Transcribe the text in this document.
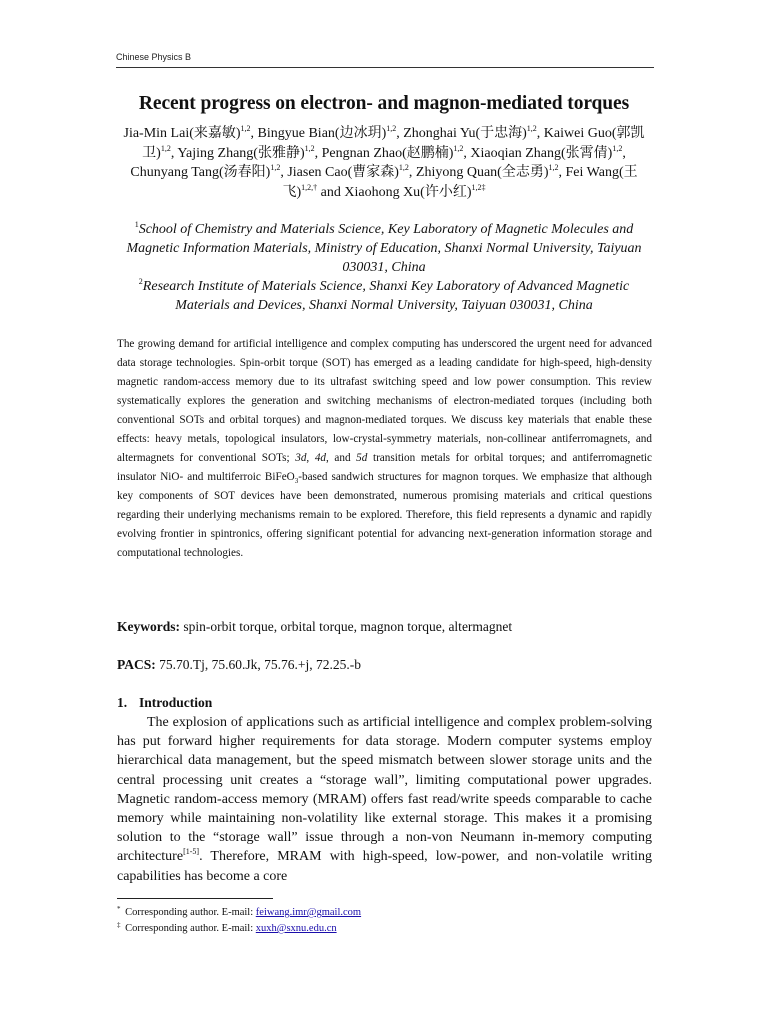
Chinese Physics B
Recent progress on electron- and magnon-mediated torques
Jia-Min Lai(来嘉敏)$^{1,2}$, Bingyue Bian(边冰玥)$^{1,2}$, Zhonghai Yu(于忠海)$^{1,2}$, Kaiwei Guo(郭凯卫)$^{1,2}$, Yajing Zhang(张雅静)$^{1,2}$, Pengnan Zhao(赵鹏楠)$^{1,2}$, Xiaoqian Zhang(张霄倩)$^{1,2}$, Chunyang Tang(汤春阳)$^{1,2}$, Jiasen Cao(曹家森)$^{1,2}$, Zhiyong Quan(全志勇)$^{1,2}$, Fei Wang(王飞)$^{1,2,\dagger}$ and Xiaohong Xu(许小红)$^{1,2\ddagger}$
$^1$School of Chemistry and Materials Science, Key Laboratory of Magnetic Molecules and Magnetic Information Materials, Ministry of Education, Shanxi Normal University, Taiyuan 030031, China
$^2$Research Institute of Materials Science, Shanxi Key Laboratory of Advanced Magnetic Materials and Devices, Shanxi Normal University, Taiyuan 030031, China

The growing demand for artificial intelligence and complex computing has underscored the urgent need for advanced data storage technologies. Spin-orbit torque (SOT) has emerged as a leading candidate for high-speed, high-density magnetic random-access memory due to its ultrafast switching speed and low power consumption. This review systematically explores the generation and switching mechanisms of electron-mediated torques (including both conventional SOTs and orbital torques) and magnon-mediated torques. We discuss key materials that enable these effects: heavy metals, topological insulators, low-crystal-symmetry materials, non-collinear antiferromagnets, and altermagnets for conventional SOTs; 3d, 4d, and 5d transition metals for orbital torques; and antiferromagnetic insulator NiO- and multiferroic BiFeO$_3$-based sandwich structures for magnon torques. We emphasize that although key components of SOT devices have been demonstrated, numerous promising materials and critical questions regarding their underlying mechanisms remain to be explored. Therefore, this field represents a dynamic and rapidly evolving frontier in spintronics, offering significant potential for advancing next-generation information storage and computational technologies.

Keywords: spin-orbit torque, orbital torque, magnon torque, altermagnet
PACS: 75.70.Tj, 75.60.Jk, 75.76.+j, 72.25.-b
1. Introduction

The explosion of applications such as artificial intelligence and complex problem-solving has put forward higher requirements for data storage. Modern computer systems employ hierarchical data management, but the speed mismatch between slower storage units and the central processing unit creates a “storage wall”, limiting computational power upgrades. Magnetic random-access memory (MRAM) offers fast read/write speeds comparable to cache memory while maintaining non-volatility like external storage. This makes it a promising solution to the “storage wall” issue through a non-von Neumann in-memory computing architecture[1-5]. Therefore, MRAM with high-speed, low-power, and non-volatile writing capabilities has become a core

* Corresponding author. E-mail: feiwang.imr@gmail.com
‡ Corresponding author. E-mail: xuxh@sxnu.edu.cn
